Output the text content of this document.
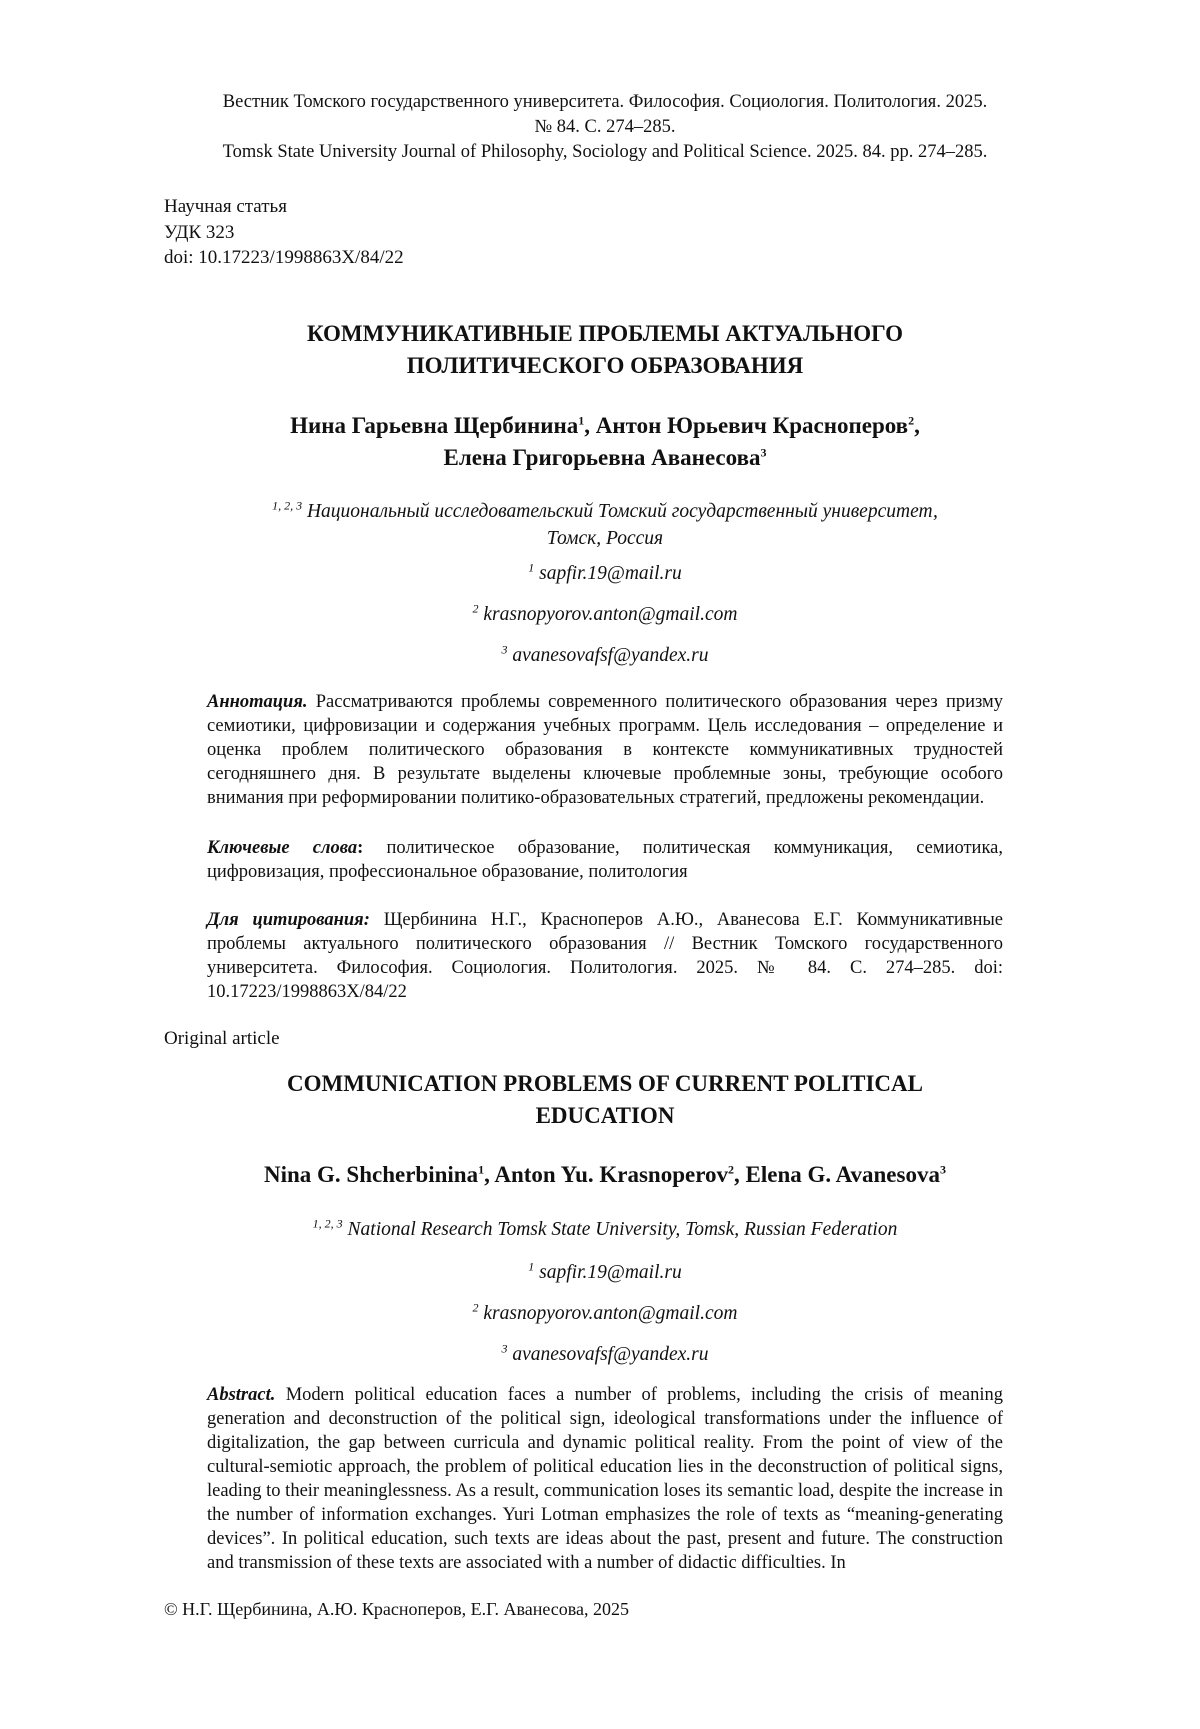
Вестник Томского государственного университета. Философия. Социология. Политология. 2025.
№ 84. С. 274–285.
Tomsk State University Journal of Philosophy, Sociology and Political Science. 2025. 84. pp. 274–285.
Научная статья
УДК 323
doi: 10.17223/1998863X/84/22
КОММУНИКАТИВНЫЕ ПРОБЛЕМЫ АКТУАЛЬНОГО
ПОЛИТИЧЕСКОГО ОБРАЗОВАНИЯ
Нина Гарьевна Щербинина$^1$, Антон Юрьевич Красноперов$^2$,
Елена Григорьевна Аванесова$^3$
$^{1, 2, 3}$ Национальный исследовательский Томский государственный университет,
Томск, Россия
$^1$ sapfir.19@mail.ru
$^2$ krasnopyorov.anton@gmail.com
$^3$ avanesovafsf@yandex.ru
Аннотация. Рассматриваются проблемы современного политического образования через призму семиотики, цифровизации и содержания учебных программ. Цель исследования – определение и оценка проблем политического образования в контексте коммуникативных трудностей сегодняшнего дня. В результате выделены ключевые проблемные зоны, требующие особого внимания при реформировании политико-образовательных стратегий, предложены рекомендации.
Ключевые слова: политическое образование, политическая коммуникация, семиотика, цифровизация, профессиональное образование, политология
Для цитирования: Щербинина Н.Г., Красноперов А.Ю., Аванесова Е.Г. Коммуникативные проблемы актуального политического образования // Вестник Томского государственного университета. Философия. Социология. Политология. 2025. № 84. С. 274–285. doi: 10.17223/1998863X/84/22
Original article
COMMUNICATION PROBLEMS OF CURRENT POLITICAL
EDUCATION
Nina G. Shcherbinina$^1$, Anton Yu. Krasnoperov$^2$, Elena G. Avanesova$^3$
$^{1, 2, 3}$ National Research Tomsk State University, Tomsk, Russian Federation
$^1$ sapfir.19@mail.ru
$^2$ krasnopyorov.anton@gmail.com
$^3$ avanesovafsf@yandex.ru
Abstract. Modern political education faces a number of problems, including the crisis of meaning generation and deconstruction of the political sign, ideological transformations under the influence of digitalization, the gap between curricula and dynamic political reality. From the point of view of the cultural-semiotic approach, the problem of political education lies in the deconstruction of political signs, leading to their meaninglessness. As a result, communication loses its semantic load, despite the increase in the number of information exchanges. Yuri Lotman emphasizes the role of texts as “meaning-generating devices”. In political education, such texts are ideas about the past, present and future. The construction and transmission of these texts are associated with a number of didactic difficulties. In
© Н.Г. Щербинина, А.Ю. Красноперов, Е.Г. Аванесова, 2025
